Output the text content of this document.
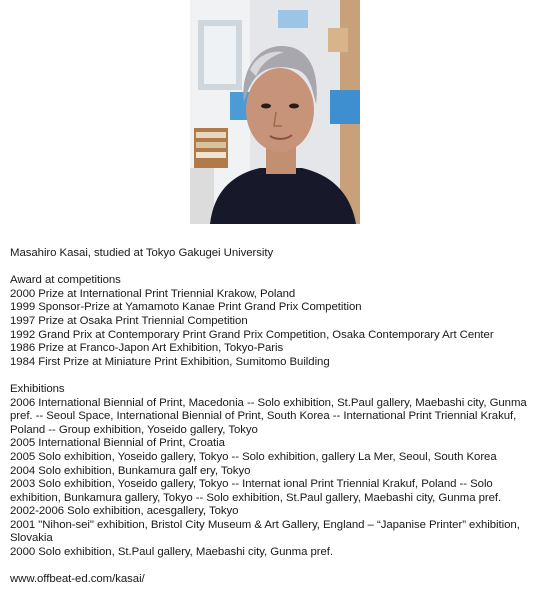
Masahiro Kasai, studied at Tokyo Gakugei University

Award at competitions

2000 Prize at International Print Triennial Krakow, Poland

1999 Sponsor-Prize at Yamamoto Kanae Print Grand Prix Competition

1997 Prize at Osaka Print Triennial Competition

1992 Grand Prix at Contemporary Print Grand Prix Competition, Osaka Contemporary Art Center

1986 Prize at Franco-Japon Art Exhibition, Tokyo-Paris

1984 First Prize at Miniature Print Exhibition, Sumitomo Building

Exhibitions

2006 International Biennial of Print, Macedonia -- Solo exhibition, St.Paul gallery, Maebashi city, Gunma pref. -- Seoul Space, International Biennial of Print, South Korea -- International Print Triennial Krakuf, Poland -- Group exhibition, Yoseido gallery, Tokyo

2005 International Biennial of Print, Croatia

2005 Solo exhibition, Yoseido gallery, Tokyo -- Solo exhibition, gallery La Mer, Seoul, South Korea

2004 Solo exhibition, Bunkamura galf ery, Tokyo

2003 Solo exhibition, Yoseido gallery, Tokyo -- Internat ional Print Triennial Krakuf, Poland -- Solo exhibition, Bunkamura gallery, Tokyo -- Solo exhibition, St.Paul gallery, Maebashi city, Gunma pref.

2002-2006 Solo exhibition, acesgallery, Tokyo

2001 "Nihon-sei" exhibition, Bristol City Museum & Art Gallery, England – “Japanise Printer” exhibition, Slovakia

2000 Solo exhibition, St.Paul gallery, Maebashi city, Gunma pref.

www.offbeat-ed.com/kasai/
